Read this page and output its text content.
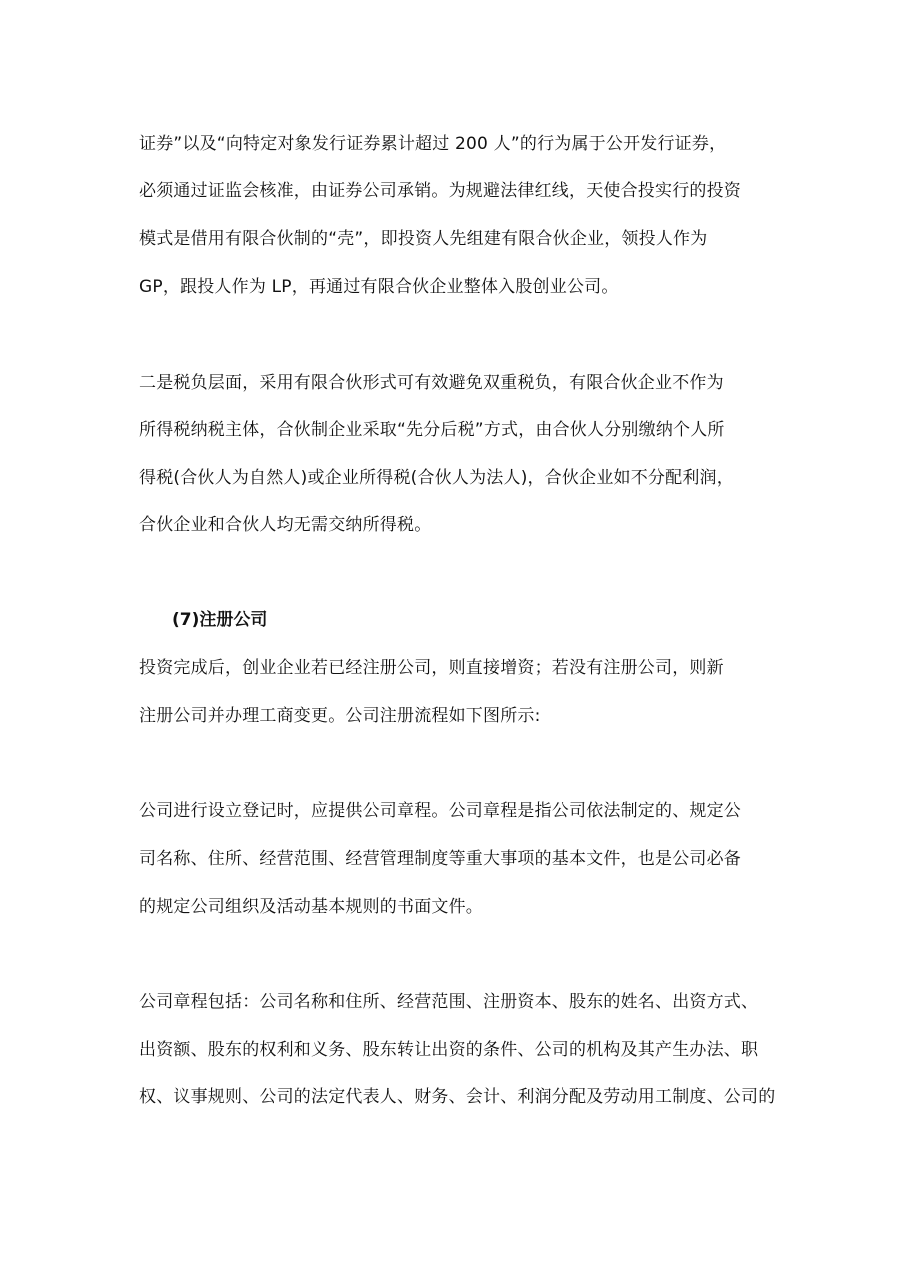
证券”以及“向特定对象发行证券累计超过 200 人”的行为属于公开发行证券，
必须通过证监会核准，由证券公司承销。为规避法律红线，天使合投实行的投资
模式是借用有限合伙制的“壳”，即投资人先组建有限合伙企业，领投人作为
GP，跟投人作为 LP，再通过有限合伙企业整体入股创业公司。
二是税负层面，采用有限合伙形式可有效避免双重税负，有限合伙企业不作为
所得税纳税主体，合伙制企业采取“先分后税”方式，由合伙人分别缴纳个人所
得税(合伙人为自然人)或企业所得税(合伙人为法人)，合伙企业如不分配利润，
合伙企业和合伙人均无需交纳所得税。
(7)注册公司
投资完成后，创业企业若已经注册公司，则直接增资；若没有注册公司，则新
注册公司并办理工商变更。公司注册流程如下图所示:
公司进行设立登记时，应提供公司章程。公司章程是指公司依法制定的、规定公
司名称、住所、经营范围、经营管理制度等重大事项的基本文件，也是公司必备
的规定公司组织及活动基本规则的书面文件。
公司章程包括：公司名称和住所、经营范围、注册资本、股东的姓名、出资方式、
出资额、股东的权利和义务、股东转让出资的条件、公司的机构及其产生办法、职
权、议事规则、公司的法定代表人、财务、会计、利润分配及劳动用工制度、公司的
